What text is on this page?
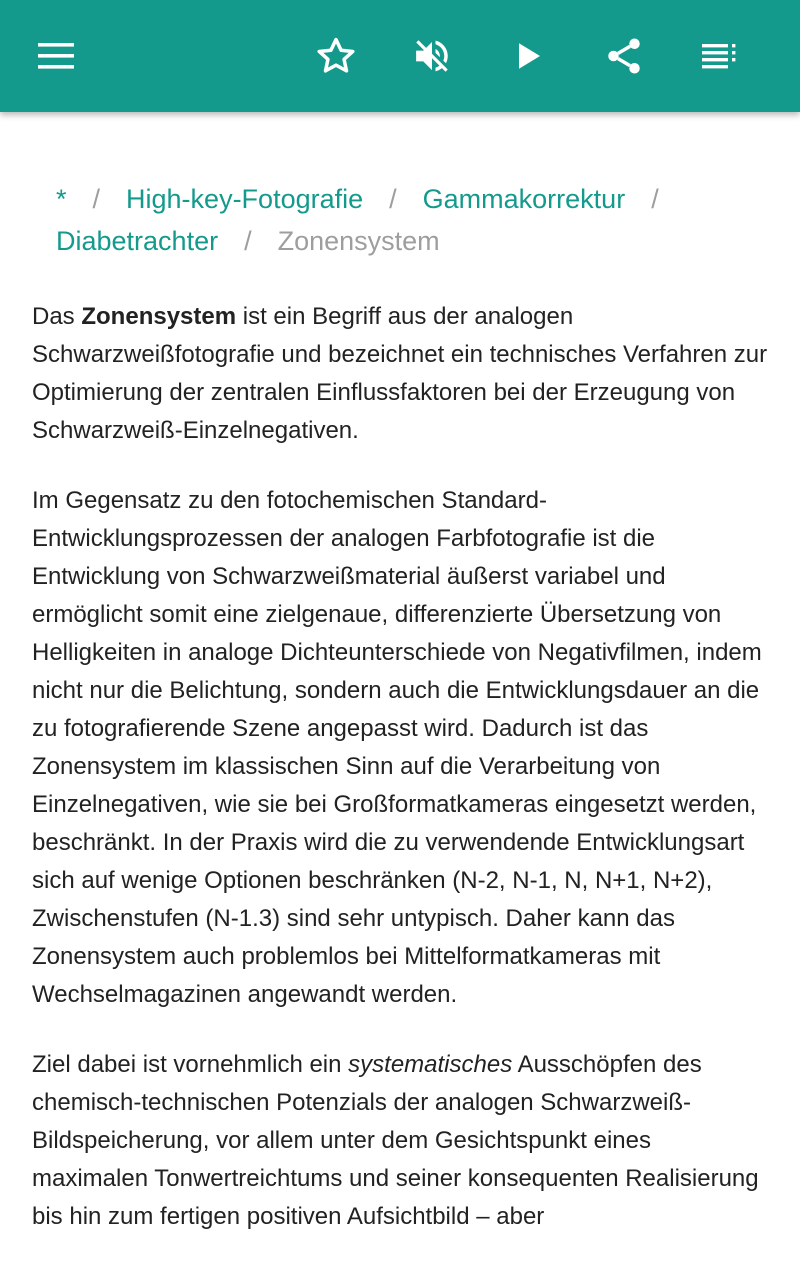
* / High-key-Fotografie / Gammakorrektur /
Diabetrachter / Zonensystem

Das Zonensystem ist ein Begriff aus der analogen Schwarzweißfotografie und bezeichnet ein technisches Verfahren zur Optimierung der zentralen Einflussfaktoren bei der Erzeugung von Schwarzweiß-Einzelnegativen.

Im Gegensatz zu den fotochemischen Standard-Entwicklungsprozessen der analogen Farbfotografie ist die Entwicklung von Schwarzweißmaterial äußerst variabel und ermöglicht somit eine zielgenaue, differenzierte Übersetzung von Helligkeiten in analoge Dichteunterschiede von Negativfilmen, indem nicht nur die Belichtung, sondern auch die Entwicklungsdauer an die zu fotografierende Szene angepasst wird. Dadurch ist das Zonensystem im klassischen Sinn auf die Verarbeitung von Einzelnegativen, wie sie bei Großformatkameras eingesetzt werden, beschränkt. In der Praxis wird die zu verwendende Entwicklungsart sich auf wenige Optionen beschränken (N-2, N-1, N, N+1, N+2), Zwischenstufen (N-1.3) sind sehr untypisch. Daher kann das Zonensystem auch problemlos bei Mittelformatkameras mit Wechselmagazinen angewandt werden.

Ziel dabei ist vornehmlich ein systematisches Ausschöpfen des chemisch-technischen Potenzials der analogen Schwarzweiß-Bildspeicherung, vor allem unter dem Gesichtspunkt eines maximalen Tonwertreichtums und seiner konsequenten Realisierung bis hin zum fertigen positiven Aufsichtbild – aber
